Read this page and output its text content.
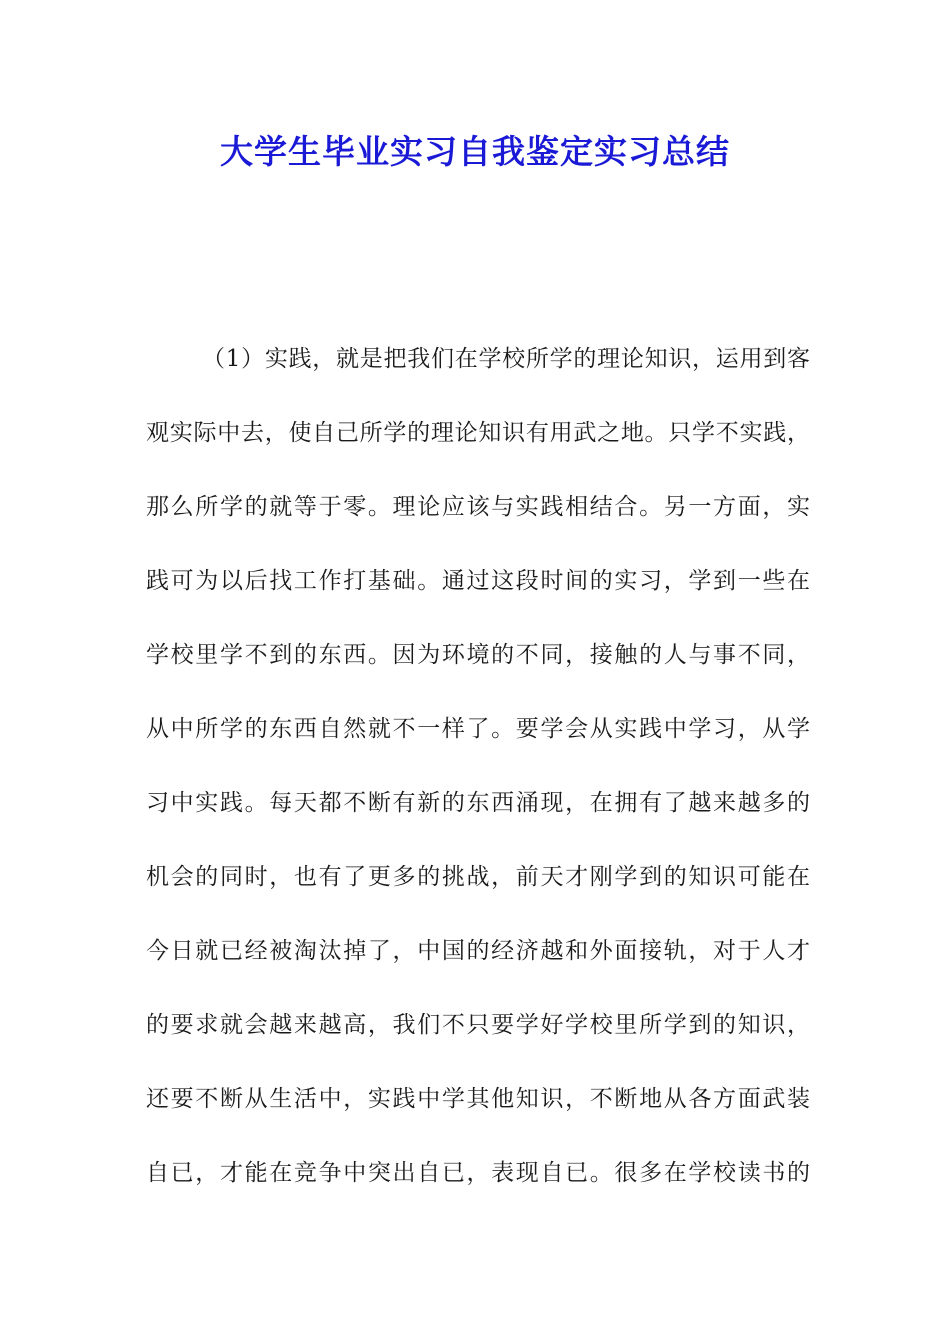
大学生毕业实习自我鉴定实习总结
（1）实践，就是把我们在学校所学的理论知识，运用到客
观实际中去，使自己所学的理论知识有用武之地。只学不实践，
那么所学的就等于零。理论应该与实践相结合。另一方面，实
践可为以后找工作打基础。通过这段时间的实习，学到一些在
学校里学不到的东西。因为环境的不同，接触的人与事不同，
从中所学的东西自然就不一样了。要学会从实践中学习，从学
习中实践。每天都不断有新的东西涌现，在拥有了越来越多的
机会的同时，也有了更多的挑战，前天才刚学到的知识可能在
今日就已经被淘汰掉了，中国的经济越和外面接轨，对于人才
的要求就会越来越高，我们不只要学好学校里所学到的知识，
还要不断从生活中，实践中学其他知识，不断地从各方面武装
自已，才能在竞争中突出自已，表现自已。很多在学校读书的
